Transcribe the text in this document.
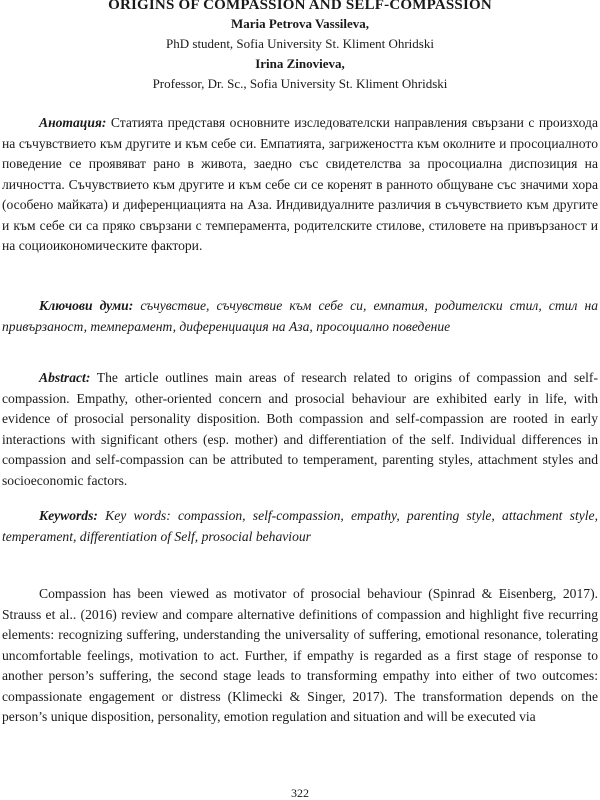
ORIGINS OF COMPASSION AND SELF-COMPASSION
Maria Petrova Vassileva,
PhD student, Sofia University St. Kliment Ohridski
Irina Zinovieva,
Professor, Dr. Sc., Sofia University St. Kliment Ohridski
Анотация: Статията представя основните изследователски направления свързани с произхода на съчувствието към другите и към себе си. Емпатията, загрижеността към околните и просоциалното поведение се проявяват рано в живота, заедно със свидетелства за просоциална диспозиция на личността. Съчувствието към другите и към себе си се коренят в ранното общуване със значими хора (особено майката) и диференциацията на Аза. Индивидуалните различия в съчувствието към другите и към себе си са пряко свързани с темперамента, родителските стилове, стиловете на привързаност и на социоикономическите фактори.
Ключови думи: съчувствие, съчувствие към себе си, емпатия, родителски стил, стил на привързаност, темперамент, диференциация на Аза, просоциално поведение
Abstract: The article outlines main areas of research related to origins of compassion and self-compassion. Empathy, other-oriented concern and prosocial behaviour are exhibited early in life, with evidence of prosocial personality disposition. Both compassion and self-compassion are rooted in early interactions with significant others (esp. mother) and differentiation of the self. Individual differences in compassion and self-compassion can be attributed to temperament, parenting styles, attachment styles and socioeconomic factors.
Keywords: Key words: compassion, self-compassion, empathy, parenting style, attachment style, temperament, differentiation of Self, prosocial behaviour
Compassion has been viewed as motivator of prosocial behaviour (Spinrad & Eisenberg, 2017). Strauss et al.. (2016) review and compare alternative definitions of compassion and highlight five recurring elements: recognizing suffering, understanding the universality of suffering, emotional resonance, tolerating uncomfortable feelings, motivation to act. Further, if empathy is regarded as a first stage of response to another person’s suffering, the second stage leads to transforming empathy into either of two outcomes: compassionate engagement or distress (Klimecki & Singer, 2017). The transformation depends on the person’s unique disposition, personality, emotion regulation and situation and will be executed via
322
